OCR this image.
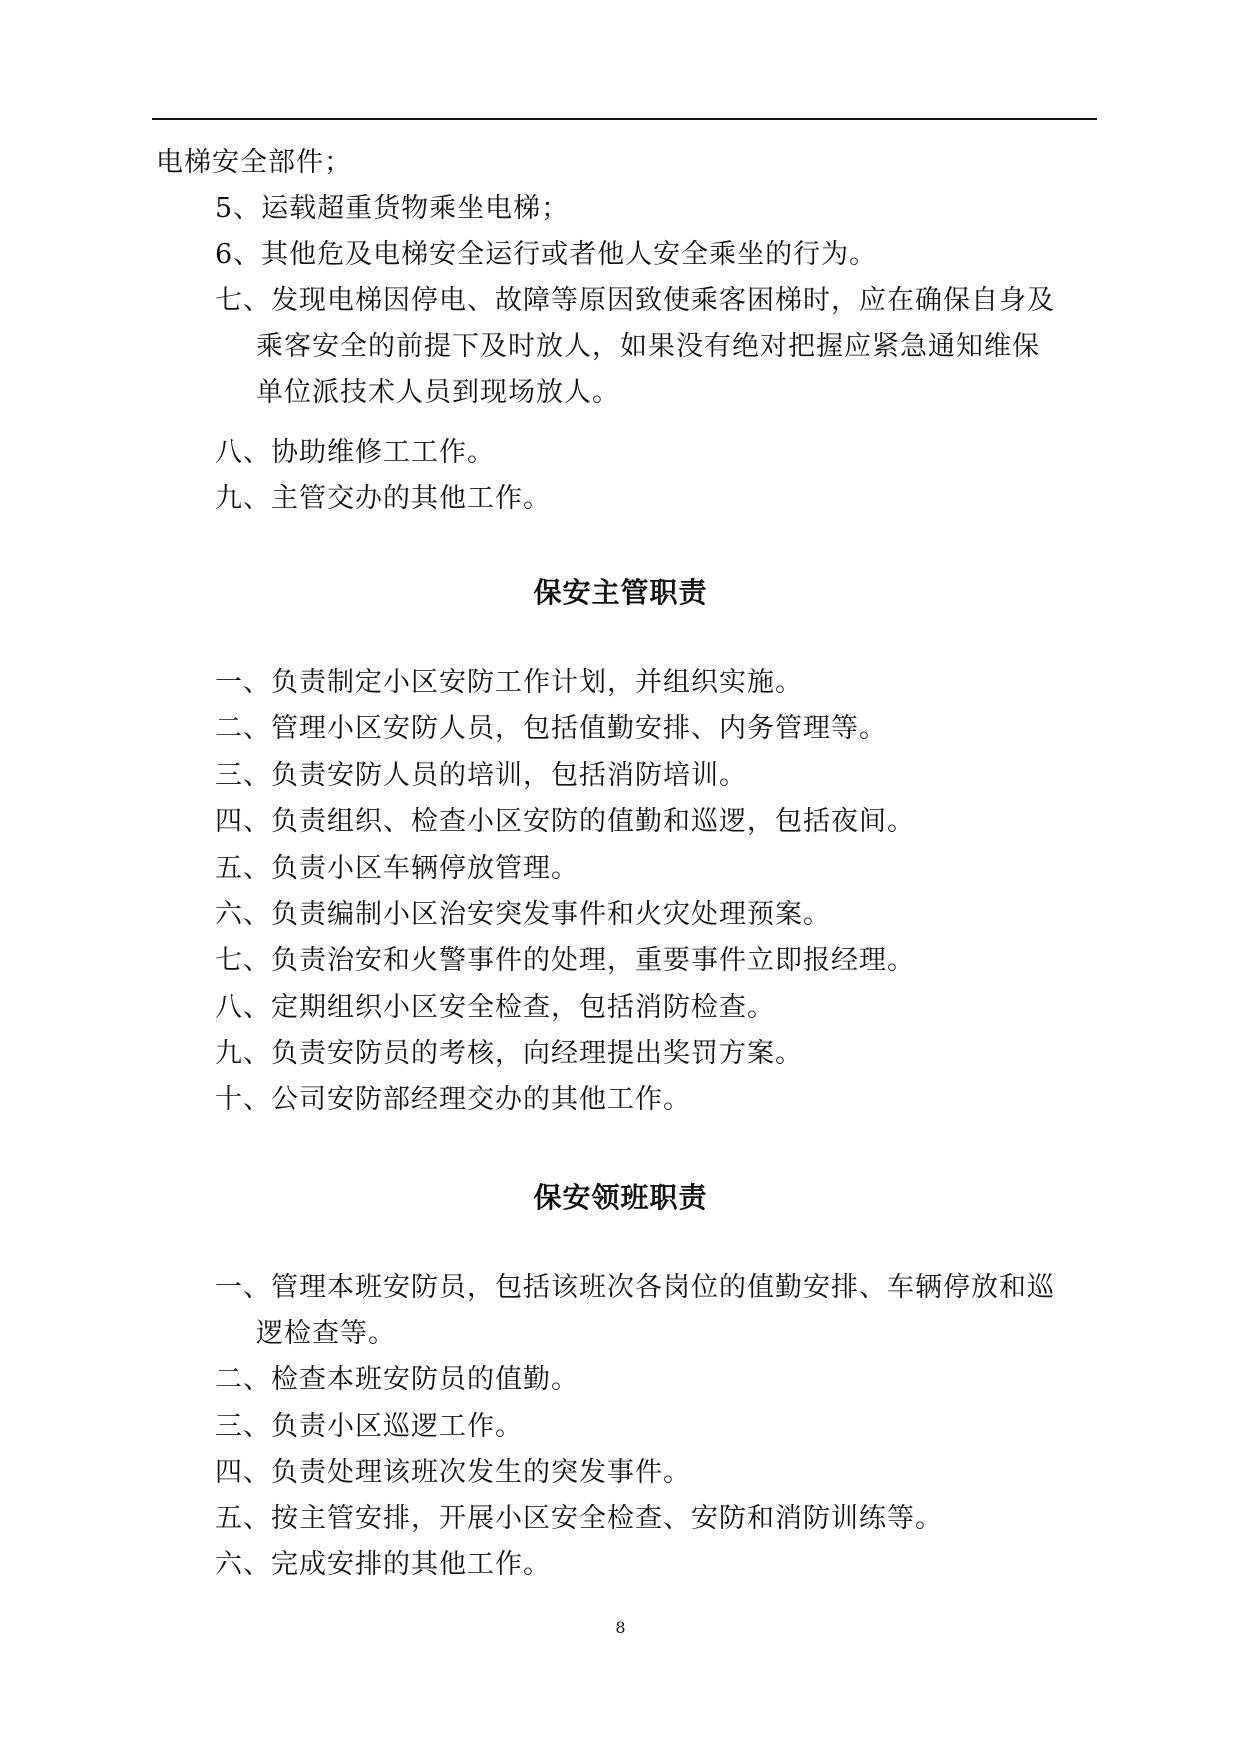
电梯安全部件；
5、运载超重货物乘坐电梯；
6、其他危及电梯安全运行或者他人安全乘坐的行为。
七、发现电梯因停电、故障等原因致使乘客困梯时，应在确保自身及
乘客安全的前提下及时放人，如果没有绝对把握应紧急通知维保
单位派技术人员到现场放人。
八、协助维修工工作。
九、主管交办的其他工作。
保安主管职责
一、负责制定小区安防工作计划，并组织实施。
二、管理小区安防人员，包括值勤安排、内务管理等。
三、负责安防人员的培训，包括消防培训。
四、负责组织、检查小区安防的值勤和巡逻，包括夜间。
五、负责小区车辆停放管理。
六、负责编制小区治安突发事件和火灾处理预案。
七、负责治安和火警事件的处理，重要事件立即报经理。
八、定期组织小区安全检查，包括消防检查。
九、负责安防员的考核，向经理提出奖罚方案。
十、公司安防部经理交办的其他工作。
保安领班职责
一、管理本班安防员，包括该班次各岗位的值勤安排、车辆停放和巡
逻检查等。
二、检查本班安防员的值勤。
三、负责小区巡逻工作。
四、负责处理该班次发生的突发事件。
五、按主管安排，开展小区安全检查、安防和消防训练等。
六、完成安排的其他工作。
8
